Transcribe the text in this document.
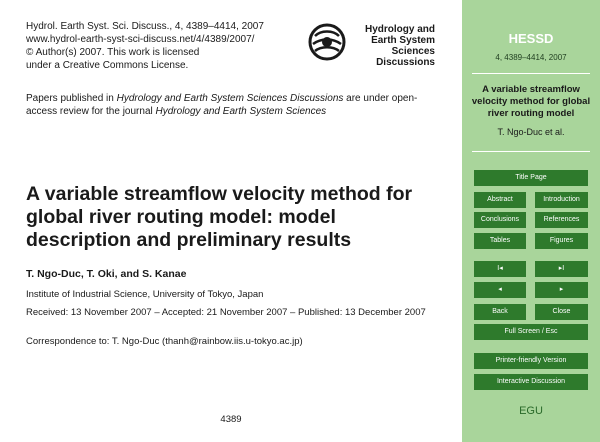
Hydrol. Earth Syst. Sci. Discuss., 4, 4389–4414, 2007
www.hydrol-earth-syst-sci-discuss.net/4/4389/2007/
© Author(s) 2007. This work is licensed
under a Creative Commons License.
Hydrology and
Earth System
Sciences
Discussions
Papers published in Hydrology and Earth System Sciences Discussions are under open-access review for the journal Hydrology and Earth System Sciences
A variable streamflow velocity method for global river routing model: model description and preliminary results
T. Ngo-Duc, T. Oki, and S. Kanae
Institute of Industrial Science, University of Tokyo, Japan
Received: 13 November 2007 – Accepted: 21 November 2007 – Published: 13 December 2007
Correspondence to: T. Ngo-Duc (thanh@rainbow.iis.u-tokyo.ac.jp)
4389
HESSD
4, 4389–4414, 2007
A variable streamflow velocity method for global river routing model
T. Ngo-Duc et al.
Title Page
Abstract	Introduction
Conclusions	References
Tables	Figures
I◂	▸I
◂	▸
Back	Close
Full Screen / Esc
Printer-friendly Version
Interactive Discussion
EGU
